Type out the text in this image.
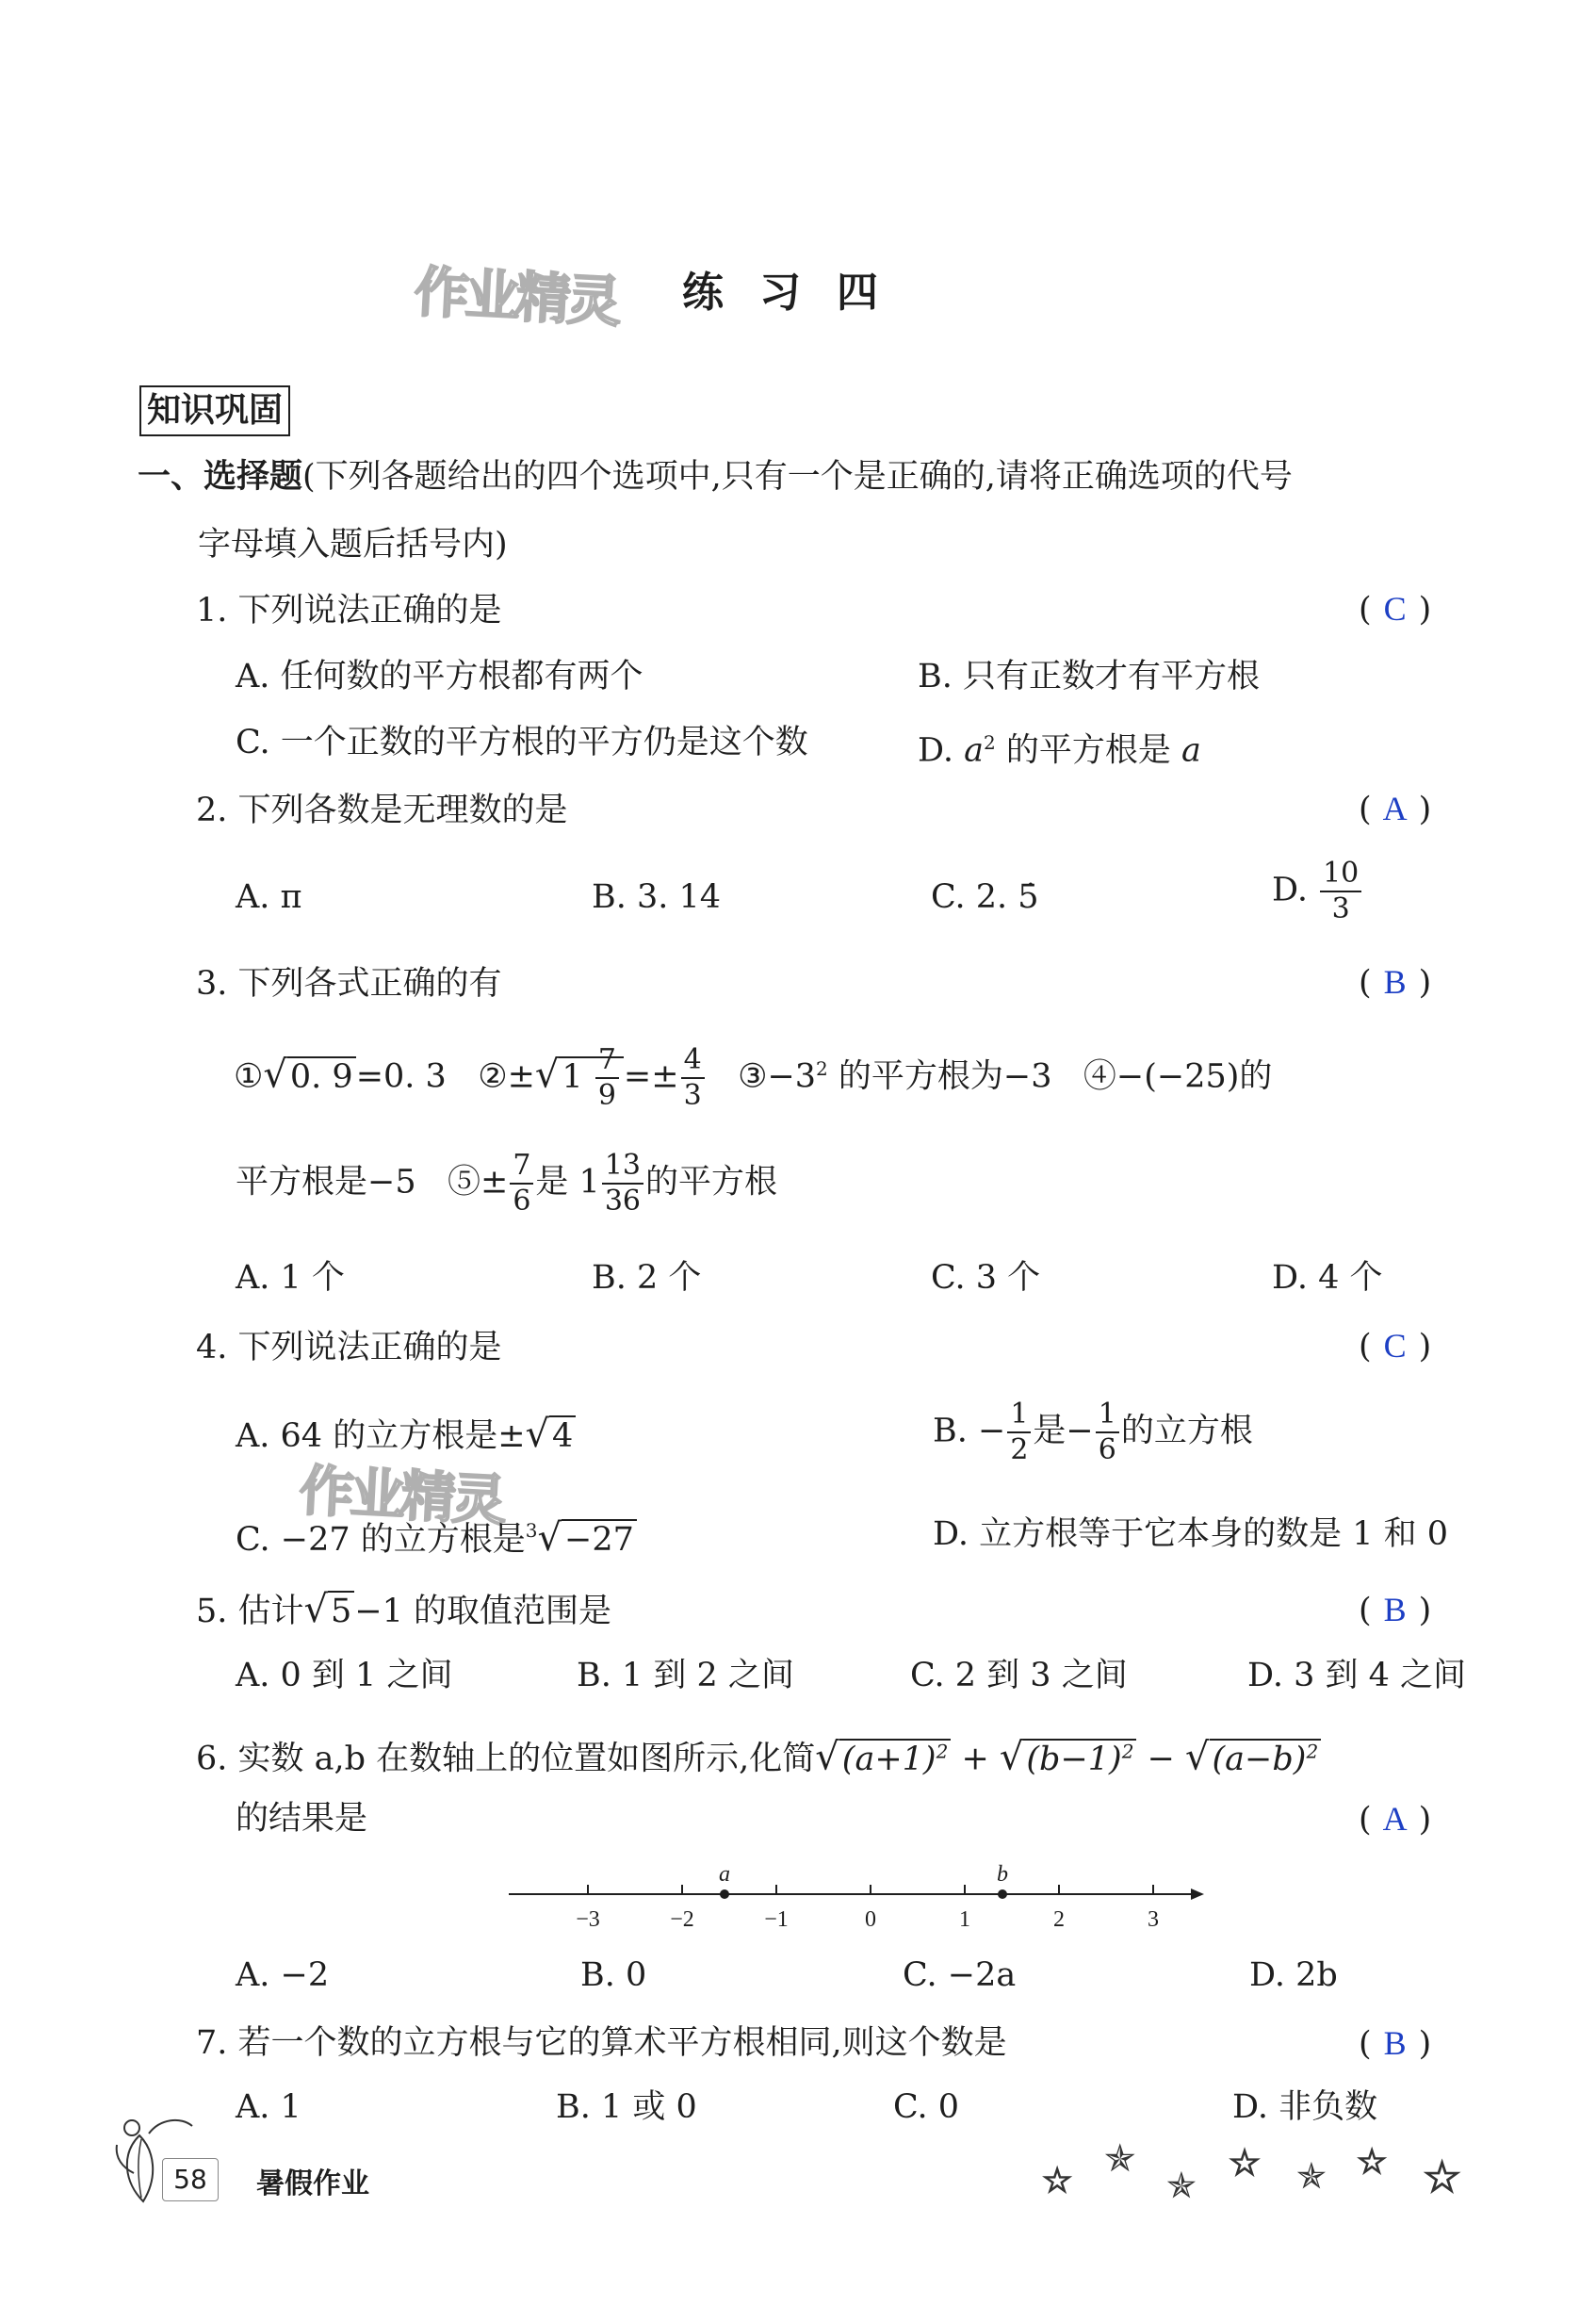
作业精灵
作业精灵
练习四
知识巩固
一、选择题(下列各题给出的四个选项中,只有一个是正确的,请将正确选项的代号
字母填入题后括号内)
1. 下列说法正确的是	( C )
A. 任何数的平方根都有两个	B. 只有正数才有平方根
C. 一个正数的平方根的平方仍是这个数	D. $a^2$ 的平方根是 a
2. 下列各数是无理数的是	( A )
A. π	B. 3. 14	C. 2. 5̇	D. $\frac{10}{3}$
3. 下列各式正确的有	( B )
①√0. 9=0. 3 ②±√1 $\frac{7}{9} =\pm \frac{4}{3}$ $③-3^2$ 的平方根为−3 ④−(−25)的
平方根是−5 ⑤± $\frac{7}{6}$ 是 $1 \frac{13}{36}$ 的平方根
A. 1 个	B. 2 个	C. 3 个	D. 4 个
4. 下列说法正确的是	( C )
A. 64 的立方根是±√4	B. − $\frac{1}{2}$ 是− $\frac{1}{6}$ 的立方根
C. −27 的立方根是$^3$√−27	D. 立方根等于它本身的数是 1 和 0
5. 估计√5−1 的取值范围是	( B )
A. 0 到 1 之间	B. 1 到 2 之间	C. 2 到 3 之间	D. 3 到 4 之间
6. 实数 a,b 在数轴上的位置如图所示,化简$√(a+1)^2 + √(b-1)^2 - √(a-b)^2$
的结果是	( A )
−3	−2	−1	0	1	2	3
a	b
A. −2	B. 0	C. −2a	D. 2b
7. 若一个数的立方根与它的算术平方根相同,则这个数是	( B )
A. 1	B. 1 或 0	C. 0	D. 非负数
58	暑假作业	☆
✯
✯
☆ ✯ ☆ ☆
